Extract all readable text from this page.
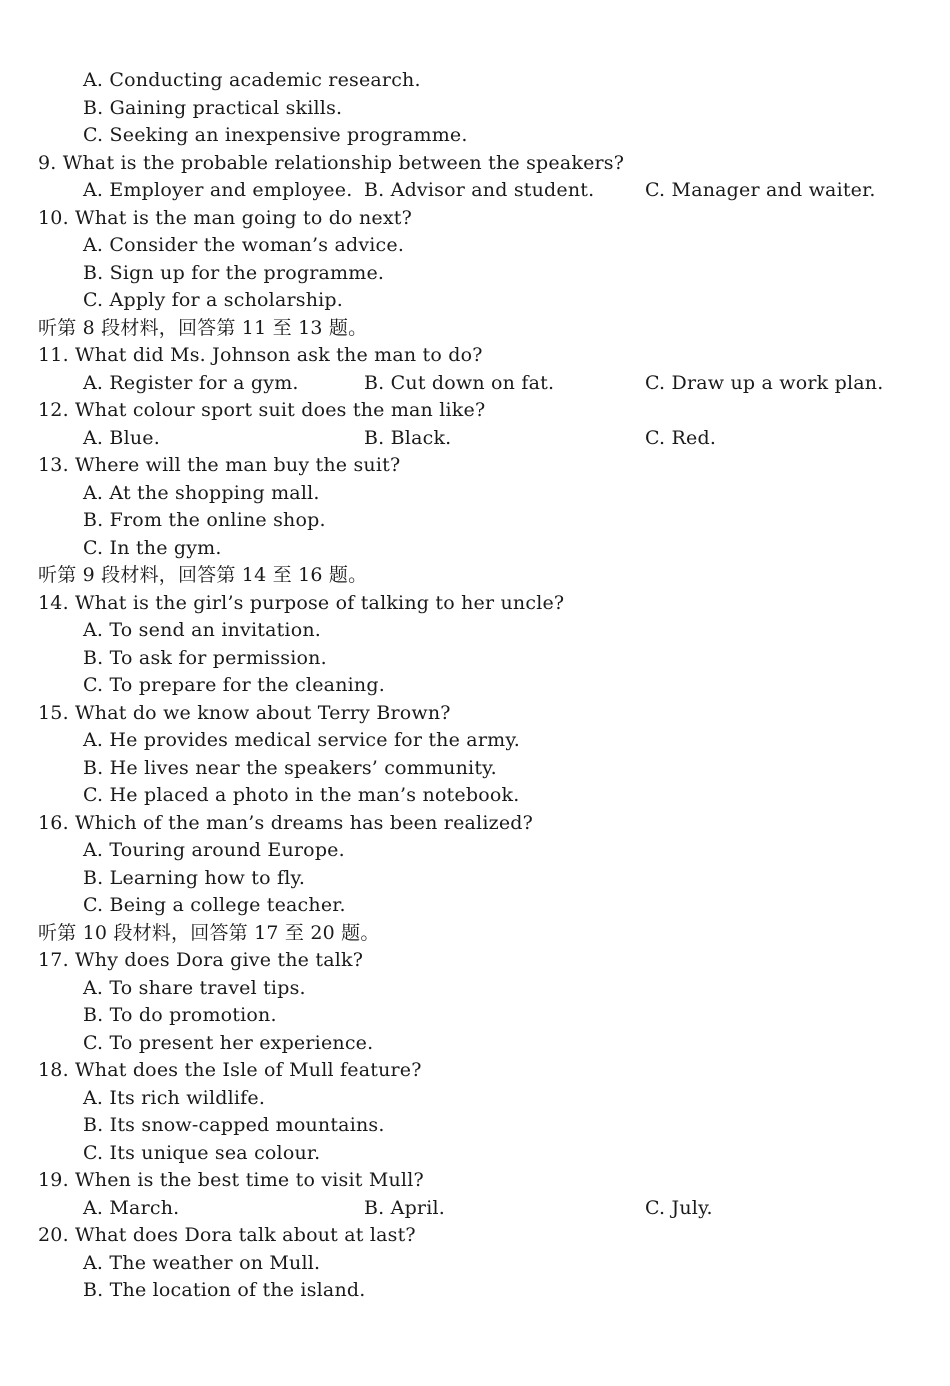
A. Conducting academic research.
B. Gaining practical skills.
C. Seeking an inexpensive programme.
9. What is the probable relationship between the speakers?
A. Employer and employee. B. Advisor and student.	C. Manager and waiter.
10. What is the man going to do next?
A. Consider the woman’s advice.
B. Sign up for the programme.
C. Apply for a scholarship.
听第 8 段材料，回答第 11 至 13 题。
11. What did Ms. Johnson ask the man to do?
A. Register for a gym.	B. Cut down on fat.	C. Draw up a work plan.
12. What colour sport suit does the man like?
A. Blue.	B. Black.	C. Red.
13. Where will the man buy the suit?
A. At the shopping mall.
B. From the online shop.
C. In the gym.
听第 9 段材料，回答第 14 至 16 题。
14. What is the girl’s purpose of talking to her uncle?
A. To send an invitation.
B. To ask for permission.
C. To prepare for the cleaning.
15. What do we know about Terry Brown?
A. He provides medical service for the army.
B. He lives near the speakers’ community.
C. He placed a photo in the man’s notebook.
16. Which of the man’s dreams has been realized?
A. Touring around Europe.
B. Learning how to fly.
C. Being a college teacher.
听第 10 段材料，回答第 17 至 20 题。
17. Why does Dora give the talk?
A. To share travel tips.
B. To do promotion.
C. To present her experience.
18. What does the Isle of Mull feature?
A. Its rich wildlife.
B. Its snow-capped mountains.
C. Its unique sea colour.
19. When is the best time to visit Mull?
A. March.	B. April.	C. July.
20. What does Dora talk about at last?
A. The weather on Mull.
B. The location of the island.
